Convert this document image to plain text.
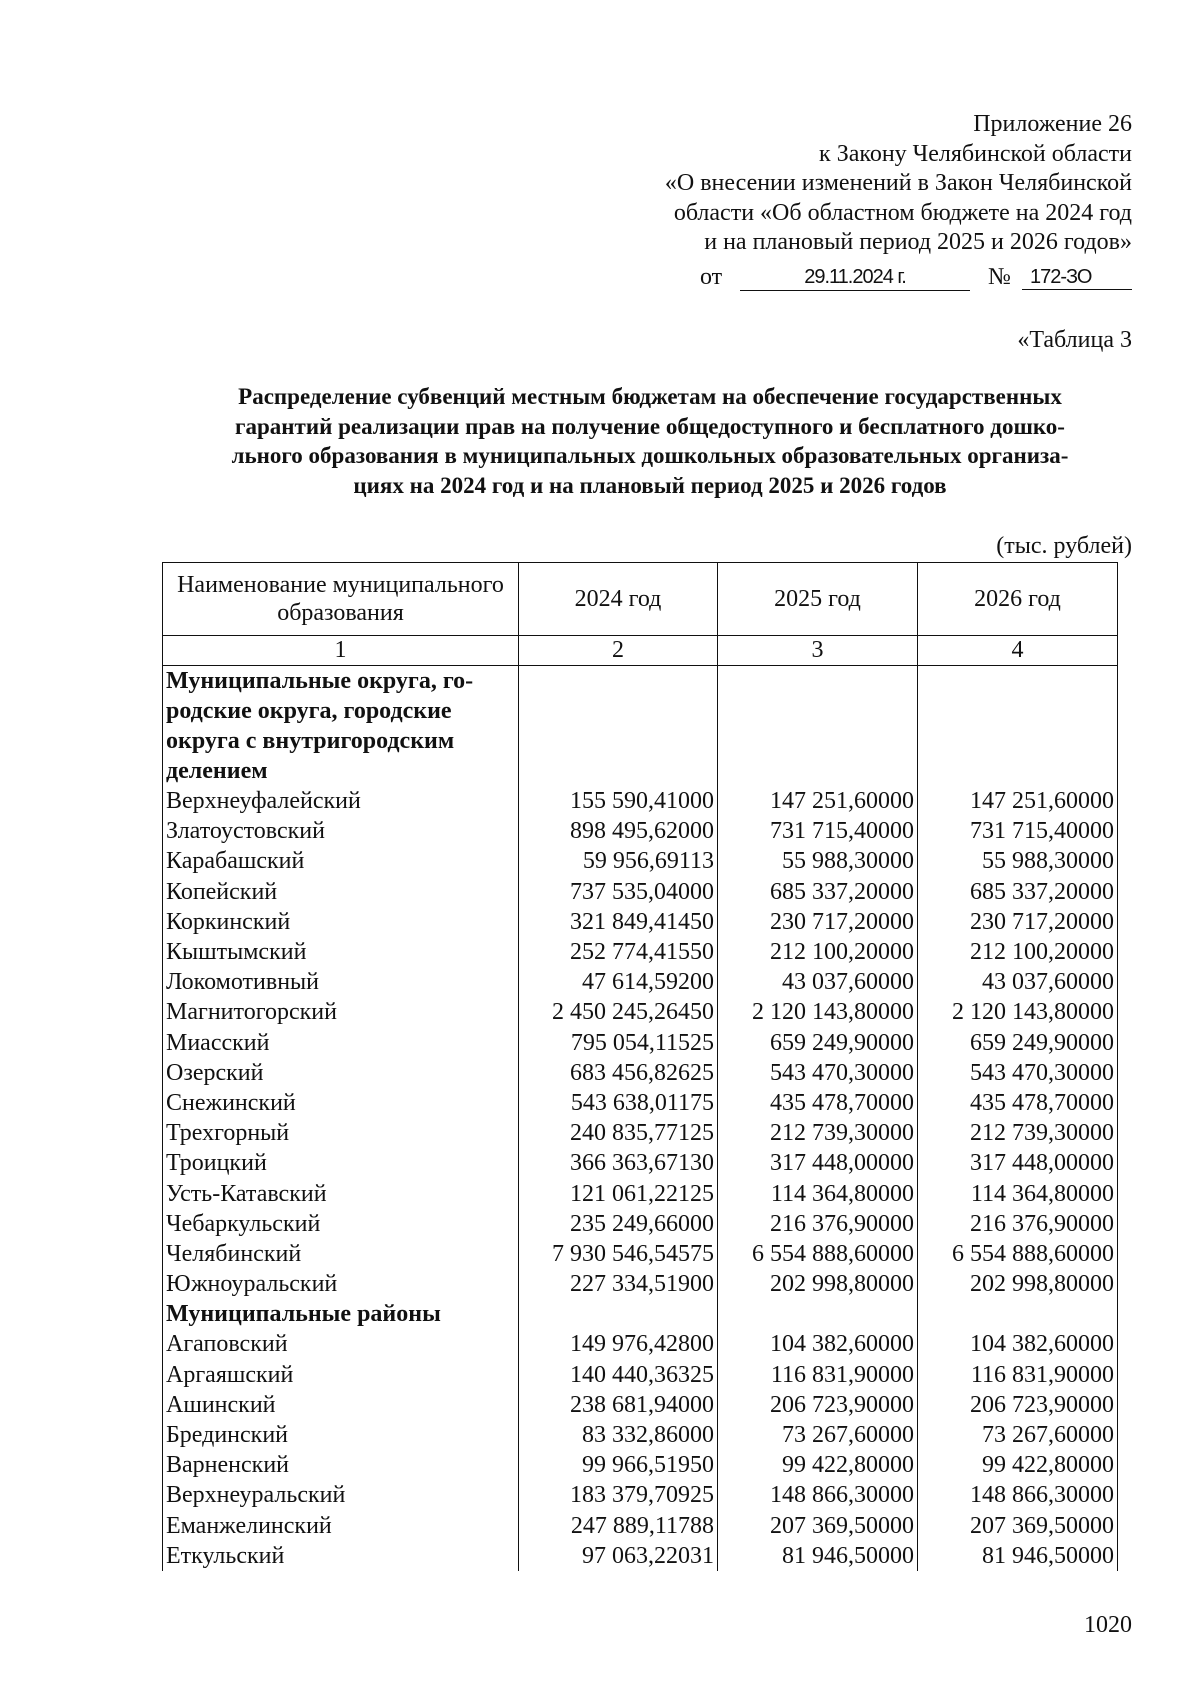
Приложение 26
к Закону Челябинской области
«О внесении изменений в Закон Челябинской
области «Об областном бюджете на 2024 год
и на плановый период 2025 и 2026 годов»
от	29.11.2024 г.	№ 172-ЗО
«Таблица 3
Распределение субвенций местным бюджетам на обеспечение государственных
гарантий реализации прав на получение общедоступного и бесплатного дошко-
льного образования в муниципальных дошкольных образовательных организа-
циях на 2024 год и на плановый период 2025 и 2026 годов
(тыс. рублей)
Наименование муниципального образования	2024 год	2025 год	2026 год
1	2	3	4

Муниципальные округа, го-
родские округа, городские
округа с внутригородским
делением			

Верхнеуфалейский	155 590,41000	147 251,60000	147 251,60000
Златоустовский	898 495,62000	731 715,40000	731 715,40000
Карабашский	59 956,69113	55 988,30000	55 988,30000
Копейский	737 535,04000	685 337,20000	685 337,20000
Коркинский	321 849,41450	230 717,20000	230 717,20000
Кыштымский	252 774,41550	212 100,20000	212 100,20000
Локомотивный	47 614,59200	43 037,60000	43 037,60000
Магнитогорский	2 450 245,26450	2 120 143,80000	2 120 143,80000
Миасский	795 054,11525	659 249,90000	659 249,90000
Озерский	683 456,82625	543 470,30000	543 470,30000
Снежинский	543 638,01175	435 478,70000	435 478,70000
Трехгорный	240 835,77125	212 739,30000	212 739,30000
Троицкий	366 363,67130	317 448,00000	317 448,00000
Усть-Катавский	121 061,22125	114 364,80000	114 364,80000
Чебаркульский	235 249,66000	216 376,90000	216 376,90000
Челябинский	7 930 546,54575	6 554 888,60000	6 554 888,60000
Южноуральский	227 334,51900	202 998,80000	202 998,80000
Муниципальные районы			
Агаповский	149 976,42800	104 382,60000	104 382,60000
Аргаяшский	140 440,36325	116 831,90000	116 831,90000
Ашинский	238 681,94000	206 723,90000	206 723,90000
Брединский	83 332,86000	73 267,60000	73 267,60000
Варненский	99 966,51950	99 422,80000	99 422,80000
Верхнеуральский	183 379,70925	148 866,30000	148 866,30000
Еманжелинский	247 889,11788	207 369,50000	207 369,50000
Еткульский	97 063,22031	81 946,50000	81 946,50000
1020
